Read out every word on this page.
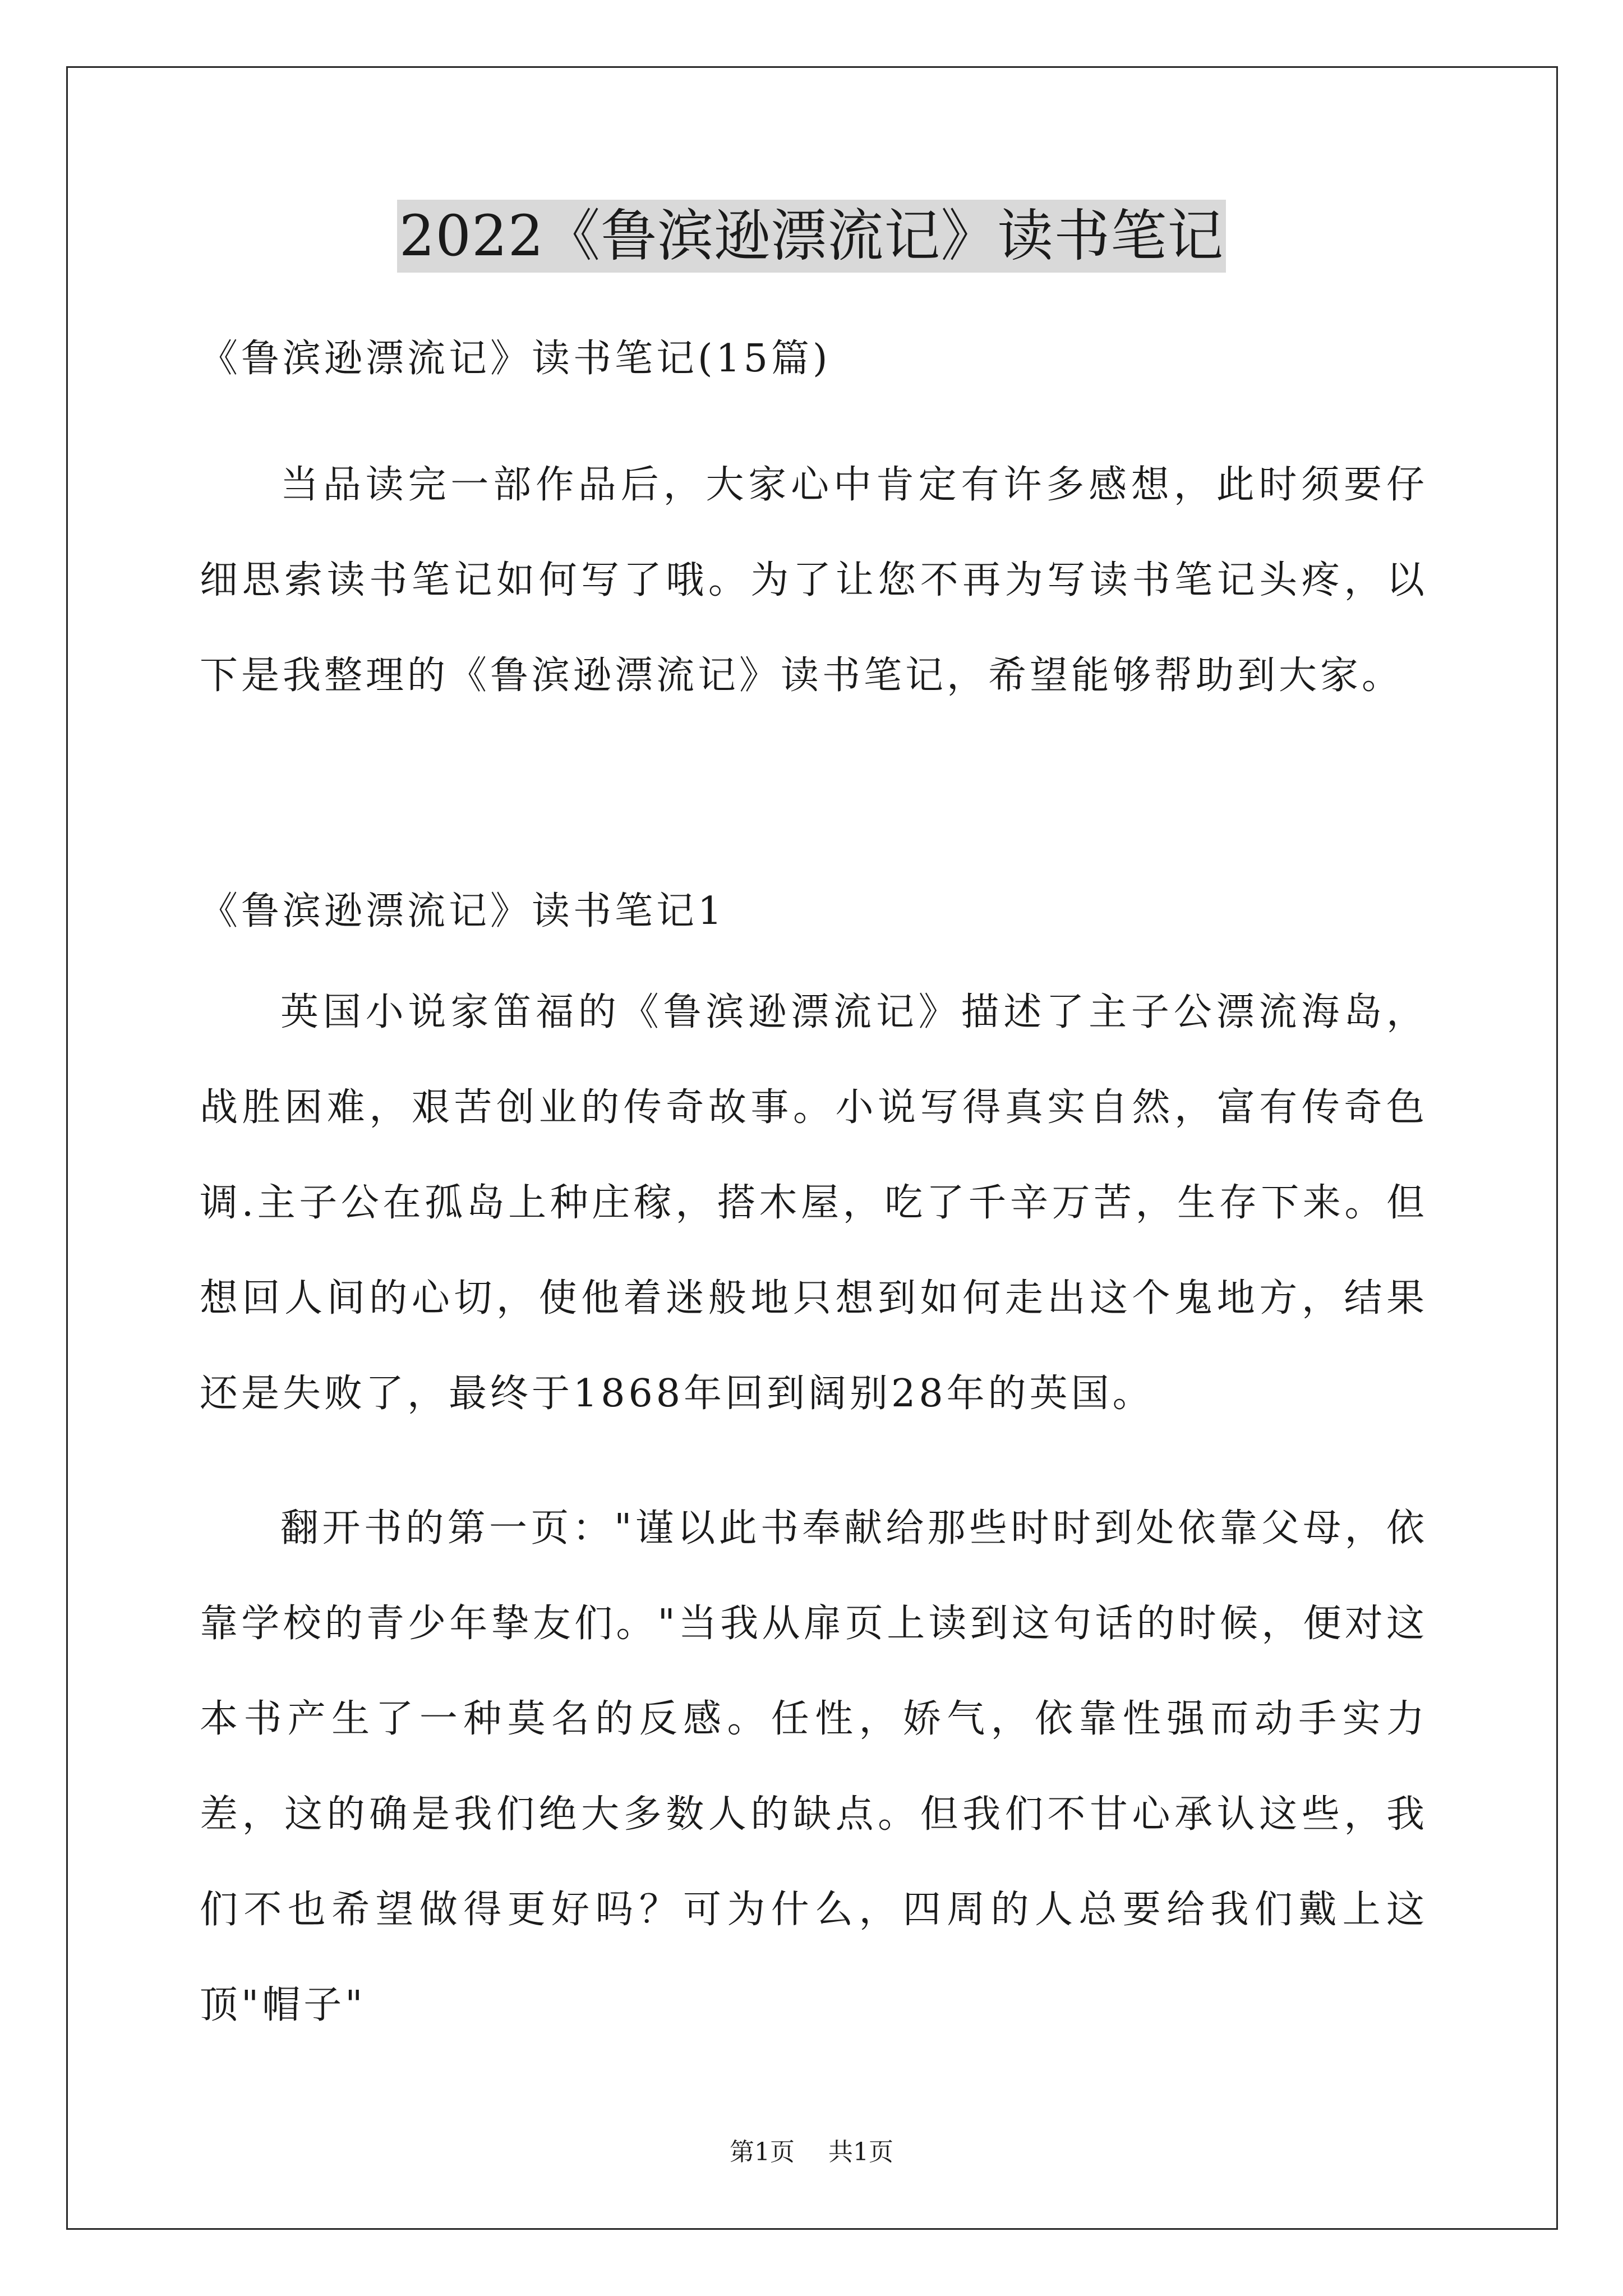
2022《鲁滨逊漂流记》读书笔记

《鲁滨逊漂流记》读书笔记(15篇)

当品读完一部作品后，大家心中肯定有许多感想，此时须要仔细思索读书笔记如何写了哦。为了让您不再为写读书笔记头疼，以下是我整理的《鲁滨逊漂流记》读书笔记，希望能够帮助到大家。

《鲁滨逊漂流记》读书笔记1

英国小说家笛福的《鲁滨逊漂流记》描述了主子公漂流海岛，战胜困难，艰苦创业的传奇故事。小说写得真实自然，富有传奇色调.主子公在孤岛上种庄稼，搭木屋，吃了千辛万苦，生存下来。但想回人间的心切，使他着迷般地只想到如何走出这个鬼地方，结果还是失败了，最终于1868年回到阔别28年的英国。

翻开书的第一页："谨以此书奉献给那些时时到处依靠父母，依靠学校的青少年挚友们。"当我从扉页上读到这句话的时候，便对这本书产生了一种莫名的反感。任性，娇气，依靠性强而动手实力差，这的确是我们绝大多数人的缺点。但我们不甘心承认这些，我们不也希望做得更好吗？可为什么，四周的人总要给我们戴上这顶"帽子"

第1页 共1页
